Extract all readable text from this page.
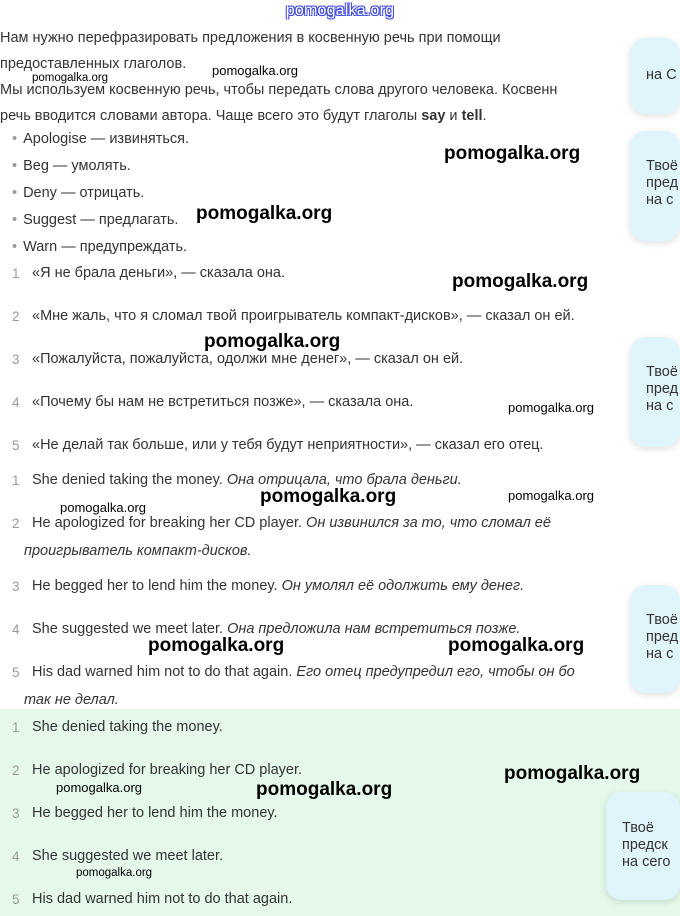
pomogalka.org
Нам нужно перефразировать предложения в косвенную речь при помощи
предоставленных глаголов.
Мы используем косвенную речь, чтобы передать слова другого человека. Косвенн
речь вводится словами автора. Чаще всего это будут глаголы say и tell.
• Apologise — извиняться.
• Beg — умолять.
• Deny — отрицать.
• Suggest — предлагать.
• Warn — предупреждать.
1 «Я не брала деньги», — сказала она.
2 «Мне жаль, что я сломал твой проигрыватель компакт-дисков», — сказал он ей.
3 «Пожалуйста, пожалуйста, одолжи мне денег», — сказал он ей.
4 «Почему бы нам не встретиться позже», — сказала она.
5 «Не делай так больше, или у тебя будут неприятности», — сказал его отец.
1 She denied taking the money. Она отрицала, что брала деньги.
2 He apologized for breaking her CD player. Он извинился за то, что сломал её
проигрыватель компакт-дисков.
3 He begged her to lend him the money. Он умолял её одолжить ему денег.
4 She suggested we meet later. Она предложила нам встретиться позже.
5 His dad warned him not to do that again. Его отец предупредил его, чтобы он бо
так не делал.
1 She denied taking the money.
2 He apologized for breaking her CD player.
3 He begged her to lend him the money.
4 She suggested we meet later.
5 His dad warned him not to do that again.
на С
Твоё
пред
на с
Твоё
пред
на с
Твоё
пред
на с
Твоё
предск
на сего
pomogalka.org
pomogalka.org
pomogalka.org
pomogalka.org
pomogalka.org
pomogalka.org
pomogalka.org
pomogalka.org	pomogalka.org
pomogalka.org
pomogalka.org	pomogalka.org
pomogalka.org
pomogalka.org	pomogalka.org
pomogalka.org
